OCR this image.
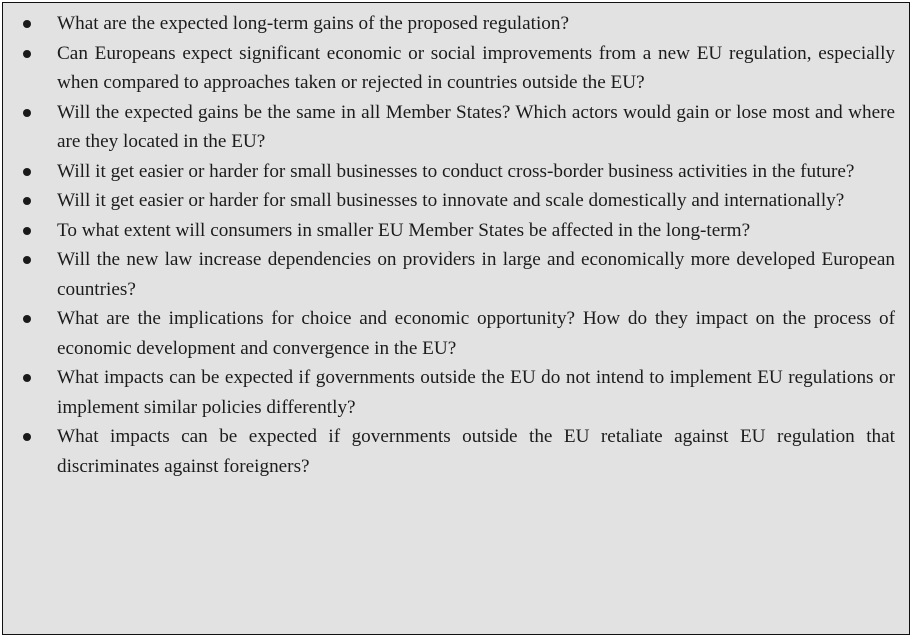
What are the expected long-term gains of the proposed regulation?
Can Europeans expect significant economic or social improvements from a new EU regulation, especially when compared to approaches taken or rejected in countries outside the EU?
Will the expected gains be the same in all Member States? Which actors would gain or lose most and where are they located in the EU?
Will it get easier or harder for small businesses to conduct cross-border business activities in the future?
Will it get easier or harder for small businesses to innovate and scale domestically and internationally?
To what extent will consumers in smaller EU Member States be affected in the long-term?
Will the new law increase dependencies on providers in large and economically more developed European countries?
What are the implications for choice and economic opportunity? How do they impact on the process of economic development and convergence in the EU?
What impacts can be expected if governments outside the EU do not intend to implement EU regulations or implement similar policies differently?
What impacts can be expected if governments outside the EU retaliate against EU regulation that discriminates against foreigners?
